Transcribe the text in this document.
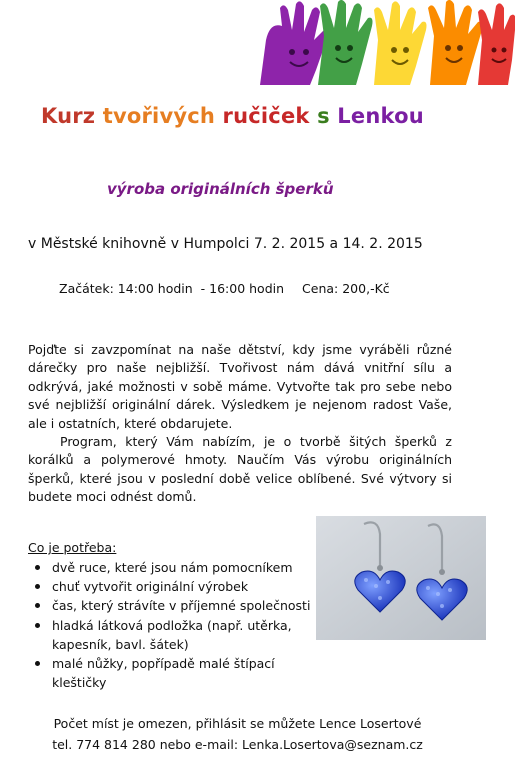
Kurz tvořivých ručiček s Lenkou
výroba originálních šperků
v Městské knihovně v Humpolci 7. 2. 2015 a 14. 2. 2015
Začátek: 14:00 hodin  - 16:00 hodin Cena: 200,-Kč

Pojďte si zavzpomínat na naše dětství, kdy jsme vyráběli různé dárečky pro naše nejbližší. Tvořivost nám dává vnitřní sílu a odkrývá, jaké možnosti v sobě máme. Vytvořte tak pro sebe nebo své nejbližší originální dárek. Výsledkem je nejenom radost Vaše, ale i ostatních, které obdarujete.

Program, který Vám nabízím, je o tvorbě šitých šperků z korálků a polymerové hmoty. Naučím Vás výrobu originálních šperků, které jsou v poslední době velice oblíbené. Své výtvory si budete moci odnést domů.

Co je potřeba:
dvě ruce, které jsou nám pomocníkem
chuť vytvořit originální výrobek
čas, který strávíte v příjemné společnosti
hladká látková podložka (např. utěrka, kapesník, bavl. šátek)
malé nůžky, popřípadě malé štípací kleštičky
Počet míst je omezen, přihlásit se můžete Lence Losertové
tel. 774 814 280 nebo e-mail: Lenka.Losertova@seznam.cz
